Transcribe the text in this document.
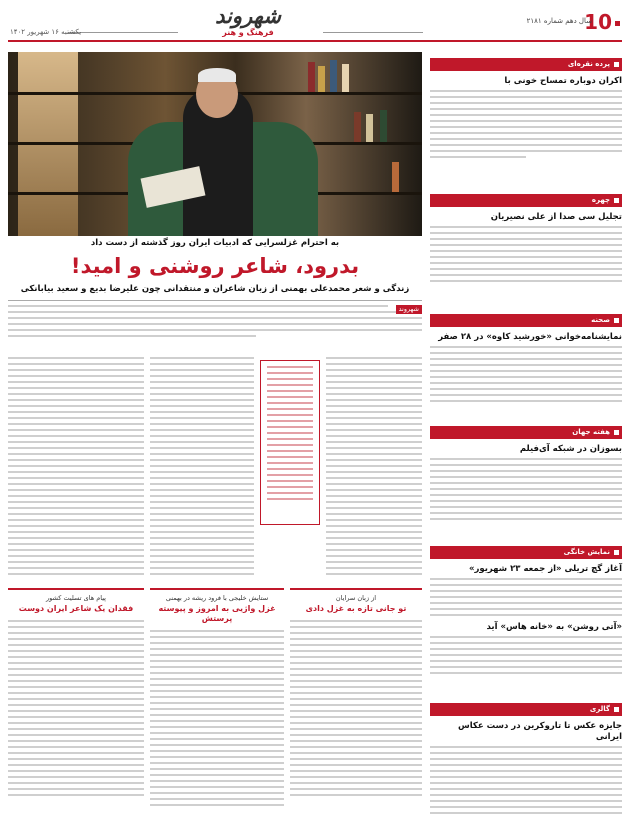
10
سال دهم شماره ۲۱۸۱
شهروند
فرهنگ و هنر
یکشنبه ۱۶ شهریور ۱۴۰۲
به احترام غزلسرایی که ادبیات ایران روز گذشته از دست داد
بدرود، شاعر روشنی و امید!
زندگی و شعر محمدعلی بهمنی از زبان شاعران و منتقدانی چون علیرضا بدیع و سعید بیابانکی
شهروند
از زبان سرایان
تو جانی تازه به غزل دادی
ستایش خلیجی با فرود ریشه در بهمنی
غزل واژیی به امروز و پیوسته پرستش
پیام های تسلیت کشور
فقدان یک شاعر ایران دوست
پرده نقره‌ای
اکران دوباره تمساح خونی با
چهره
تجلیل سی صدا از علی نصیریان
صحنه
نمایشنامه‌خوانی «خورشید کاوه» در ۲۸ صفر
هفته جهان
بسوزان در شبکه آی‌فیلم
نمایش خانگی
آغاز گچ تریلی «از جمعه ۲۳ شهریور»
«آتی روشن» به «خانه هاس» آید
گالری
جایزه عکس تا تاروکرین در دست عکاس ایرانی
